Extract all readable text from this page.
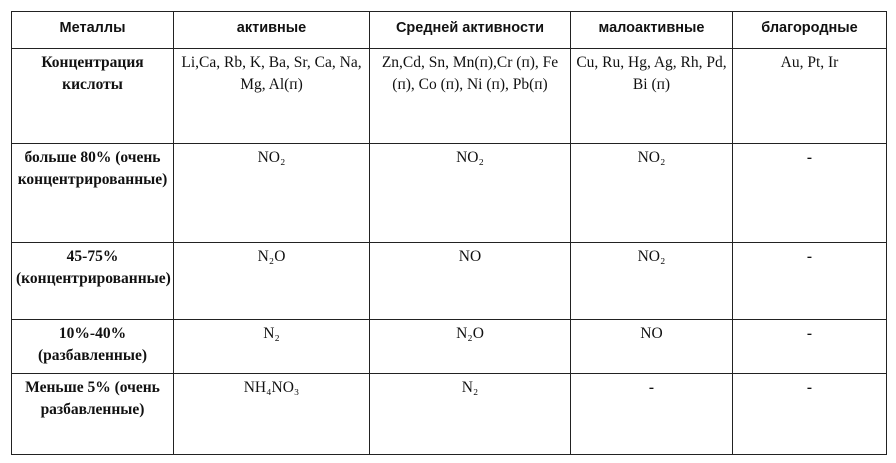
Металлы	активные	Средней активности	малоактивные	благородные
Концентрация кислоты	Li,Ca, Rb, K, Ba, Sr, Ca, Na, Mg, Al(п)	Zn,Cd, Sn, Mn(п),Cr (п), Fe (п), Co (п), Ni (п), Pb(п)	Cu, Ru, Hg, Ag, Rh, Pd, Bi (п)	Au, Pt, Ir
больше 80% (очень концентрированные)	NO₂	NO₂	NO₂	-
45-75% (концентрированные)	N₂O	NO	NO₂	-
10%-40% (разбавленные)	N₂	N₂O	NO	-
Меньше 5% (очень разбавленные)	NH₄NO₃	N₂	-	-
